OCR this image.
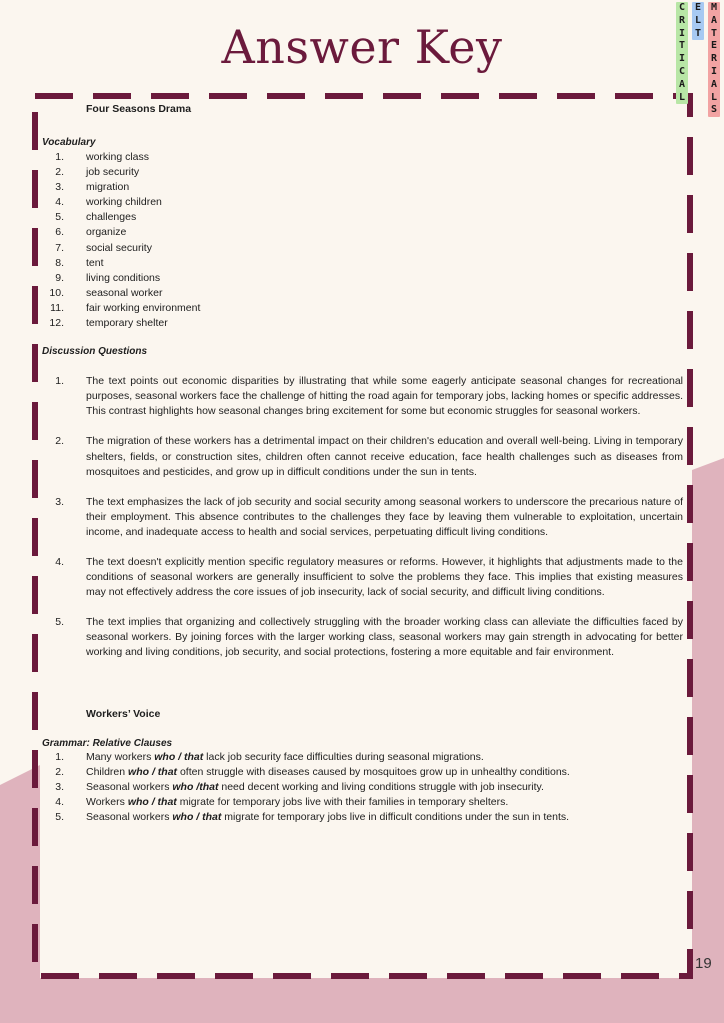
Answer Key
C
R
I
T
I
C
A
L
E
L
T
M
A
T
E
R
I
A
L
S
19
Four Seasons Drama
Vocabulary
1. working class
2. job security
3. migration
4. working children
5. challenges
6. organize
7. social security
8. tent
9. living conditions
10. seasonal worker
11. fair working environment
12. temporary shelter
Discussion Questions
1. The text points out economic disparities by illustrating that while some eagerly anticipate seasonal changes for recreational purposes, seasonal workers face the challenge of hitting the road again for temporary jobs, lacking homes or specific addresses. This contrast highlights how seasonal changes bring excitement for some but economic struggles for seasonal workers.
2. The migration of these workers has a detrimental impact on their children's education and overall well-being. Living in temporary shelters, fields, or construction sites, children often cannot receive education, face health challenges such as diseases from mosquitoes and pesticides, and grow up in difficult conditions under the sun in tents.
3. The text emphasizes the lack of job security and social security among seasonal workers to underscore the precarious nature of their employment. This absence contributes to the challenges they face by leaving them vulnerable to exploitation, uncertain income, and inadequate access to health and social services, perpetuating difficult living conditions.
4. The text doesn't explicitly mention specific regulatory measures or reforms. However, it highlights that adjustments made to the conditions of seasonal workers are generally insufficient to solve the problems they face. This implies that existing measures may not effectively address the core issues of job insecurity, lack of social security, and difficult living conditions.
5. The text implies that organizing and collectively struggling with the broader working class can alleviate the difficulties faced by seasonal workers. By joining forces with the larger working class, seasonal workers may gain strength in advocating for better working and living conditions, job security, and social protections, fostering a more equitable and fair environment.
Workers’ Voice
Grammar: Relative Clauses
1. Many workers who / that lack job security face difficulties during seasonal migrations.
2. Children who / that often struggle with diseases caused by mosquitoes grow up in unhealthy conditions.
3. Seasonal workers who /that need decent working and living conditions struggle with job insecurity.
4. Workers who / that migrate for temporary jobs live with their families in temporary shelters.
5. Seasonal workers who / that migrate for temporary jobs live in difficult conditions under the sun in tents.
